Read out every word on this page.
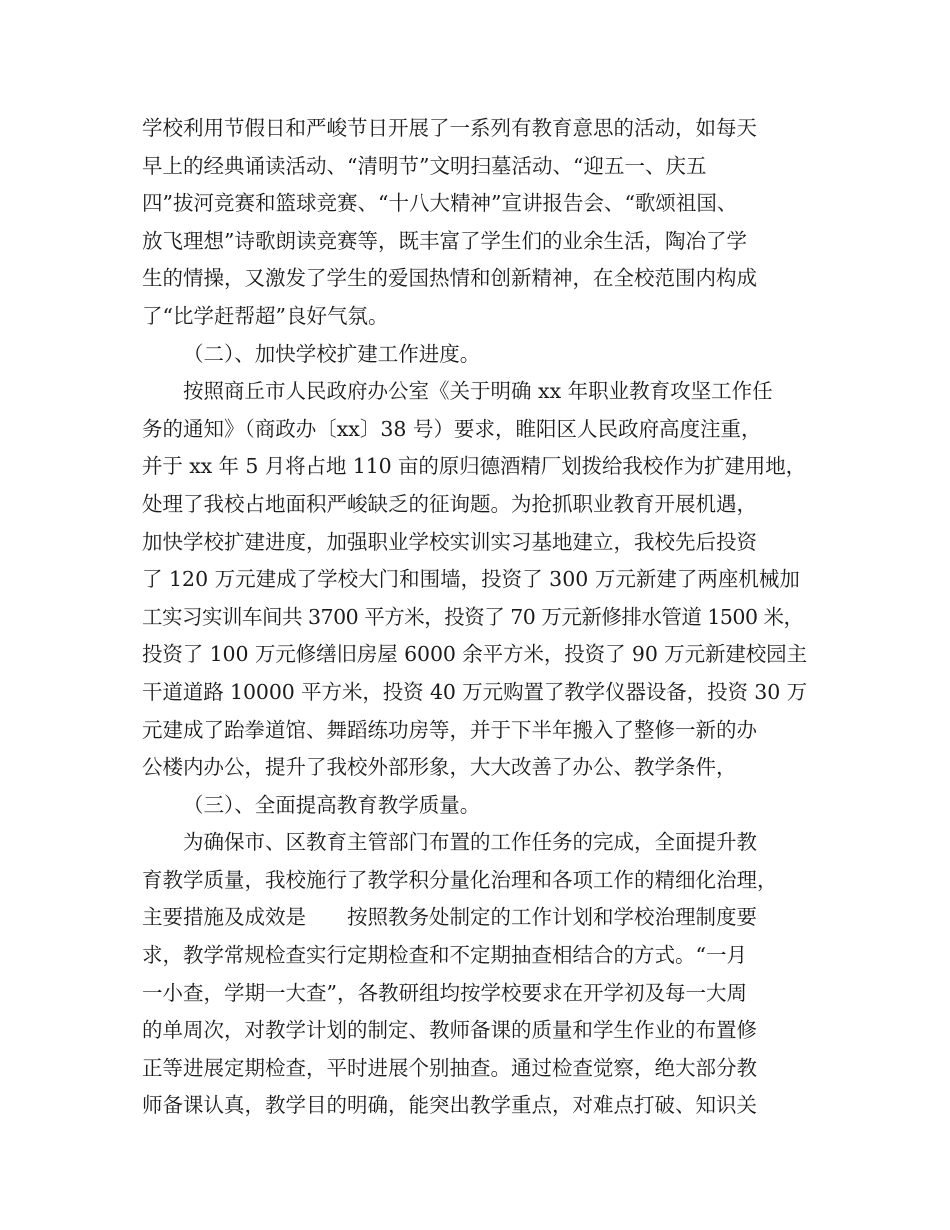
学校利用节假日和严峻节日开展了一系列有教育意思的活动，如每天
早上的经典诵读活动、“清明节”文明扫墓活动、“迎五一、庆五
四”拔河竞赛和篮球竞赛、“十八大精神”宣讲报告会、“歌颂祖国、
放飞理想”诗歌朗读竞赛等，既丰富了学生们的业余生活，陶冶了学
生的情操，又激发了学生的爱国热情和创新精神，在全校范围内构成
了“比学赶帮超”良好气氛。
（二）、加快学校扩建工作进度。
按照商丘市人民政府办公室《关于明确 xx 年职业教育攻坚工作任
务的通知》（商政办〔xx〕38 号）要求，睢阳区人民政府高度注重，
并于 xx 年 5 月将占地 110 亩的原归德酒精厂划拨给我校作为扩建用地，
处理了我校占地面积严峻缺乏的征询题。为抢抓职业教育开展机遇，
加快学校扩建进度，加强职业学校实训实习基地建立，我校先后投资
了 120 万元建成了学校大门和围墙，投资了 300 万元新建了两座机械加
工实习实训车间共 3700 平方米，投资了 70 万元新修排水管道 1500 米，
投资了 100 万元修缮旧房屋 6000 余平方米，投资了 90 万元新建校园主
干道道路 10000 平方米，投资 40 万元购置了教学仪器设备，投资 30 万
元建成了跆拳道馆、舞蹈练功房等，并于下半年搬入了整修一新的办
公楼内办公，提升了我校外部形象，大大改善了办公、教学条件，
（三）、全面提高教育教学质量。
为确保市、区教育主管部门布置的工作任务的完成，全面提升教
育教学质量，我校施行了教学积分量化治理和各项工作的精细化治理，
主要措施及成效是　　按照教务处制定的工作计划和学校治理制度要
求，教学常规检查实行定期检查和不定期抽查相结合的方式。“一月
一小查，学期一大查”，各教研组均按学校要求在开学初及每一大周
的单周次，对教学计划的制定、教师备课的质量和学生作业的布置修
正等进展定期检查，平时进展个别抽查。通过检查觉察，绝大部分教
师备课认真，教学目的明确，能突出教学重点，对难点打破、知识关
